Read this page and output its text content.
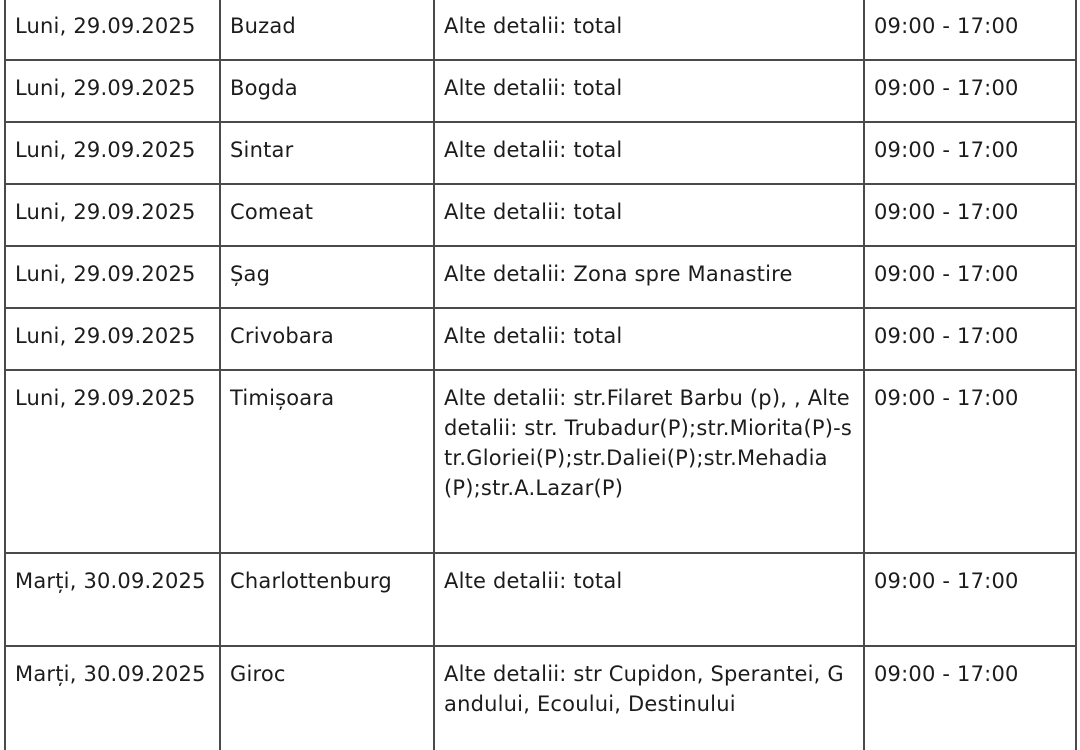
Luni, 29.09.2025	Buzad	Alte detalii: total	09:00 - 17:00
Luni, 29.09.2025	Bogda	Alte detalii: total	09:00 - 17:00
Luni, 29.09.2025	Sintar	Alte detalii: total	09:00 - 17:00
Luni, 29.09.2025	Comeat	Alte detalii: total	09:00 - 17:00
Luni, 29.09.2025	Șag	Alte detalii: Zona spre Manastire	09:00 - 17:00
Luni, 29.09.2025	Crivobara	Alte detalii: total	09:00 - 17:00
Luni, 29.09.2025	Timișoara	Alte detalii: str.Filaret Barbu (p), , Alte detalii: str. Trubadur(P);str.Miorita(P)-str.Gloriei(P);str.Daliei(P);str.Mehadia(P);str.A.Lazar(P)	09:00 - 17:00
Marți, 30.09.2025	Charlottenburg	Alte detalii: total	09:00 - 17:00
Marți, 30.09.2025	Giroc	Alte detalii: str Cupidon, Sperantei, Gandului, Ecoului, Destinului	09:00 - 17:00
